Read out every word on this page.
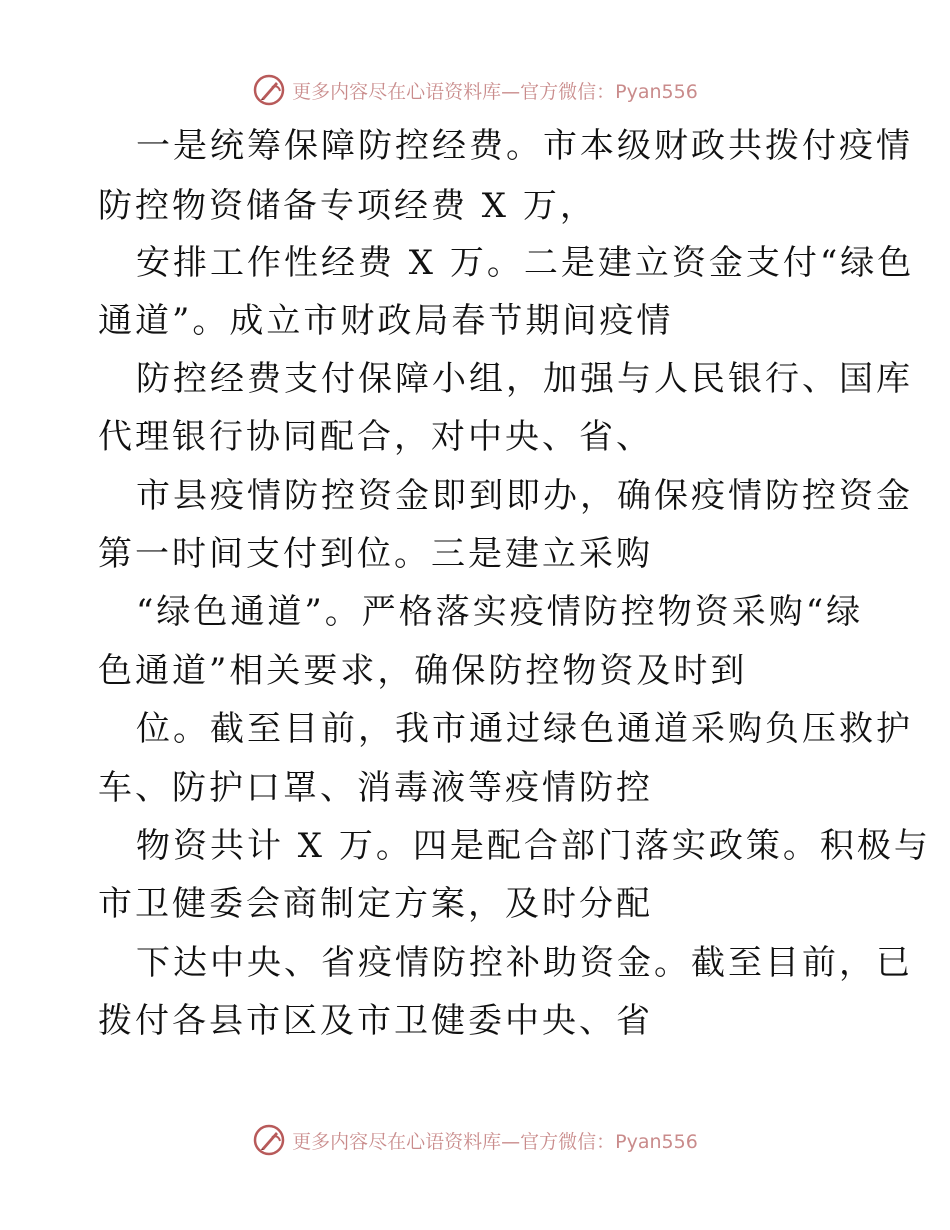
更多内容尽在心语资料库—官方微信：Pyan556
一是统筹保障防控经费。市本级财政共拨付疫情
防控物资储备专项经费 X 万，
安排工作性经费 X 万。二是建立资金支付“绿色
通道”。成立市财政局春节期间疫情
防控经费支付保障小组，加强与人民银行、国库
代理银行协同配合，对中央、省、
市县疫情防控资金即到即办，确保疫情防控资金
第一时间支付到位。三是建立采购
“绿色通道”。严格落实疫情防控物资采购“绿
色通道”相关要求，确保防控物资及时到
位。截至目前，我市通过绿色通道采购负压救护
车、防护口罩、消毒液等疫情防控
物资共计 X 万。四是配合部门落实政策。积极与
市卫健委会商制定方案，及时分配
下达中央、省疫情防控补助资金。截至目前，已
拨付各县市区及市卫健委中央、省
更多内容尽在心语资料库—官方微信：Pyan556
